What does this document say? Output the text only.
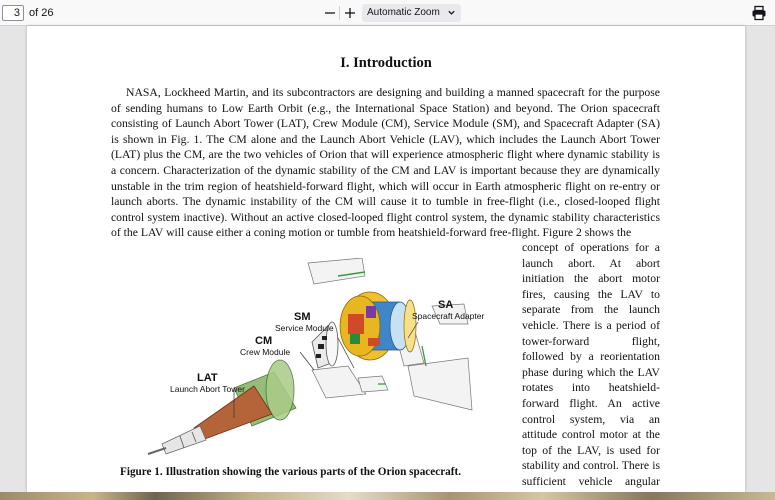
3
of 26	Automatic Zoom
I. Introduction

NASA, Lockheed Martin, and its subcontractors are designing and building a manned spacecraft for the purpose of sending humans to Low Earth Orbit (e.g., the International Space Station) and beyond. The Orion spacecraft consisting of Launch Abort Tower (LAT), Crew Module (CM), Service Module (SM), and Spacecraft Adapter (SA) is shown in Fig. 1. The CM alone and the Launch Abort Vehicle (LAV), which includes the Launch Abort Tower (LAT) plus the CM, are the two vehicles of Orion that will experience atmospheric flight where dynamic stability is a concern. Characterization of the dynamic stability of the CM and LAV is important because they are dynamically unstable in the trim region of heatshield-forward flight, which will occur in Earth atmospheric flight on re-entry or launch aborts. The dynamic instability of the CM will cause it to tumble in free-flight (i.e., closed-looped flight control system inactive). Without an active closed-looped flight control system, the dynamic stability characteristics of the LAV will cause either a coning motion or tumble from heatshield-forward free-flight. Figure 2 shows the

concept of operations for a launch abort. At abort initiation the abort motor fires, causing the LAV to separate from the launch vehicle. There is a period of tower-forward flight, followed by a reorientation phase during which the LAV rotates into heatshield-forward flight. An active control system, via an attitude control motor at the top of the LAV, is used for stability and control. There is sufficient vehicle angular

SA
Spacecraft Adapter
SM
Service Module
CM
Crew Module
LAT
Launch Abort Tower
Figure 1. Illustration showing the various parts of the Orion spacecraft.
